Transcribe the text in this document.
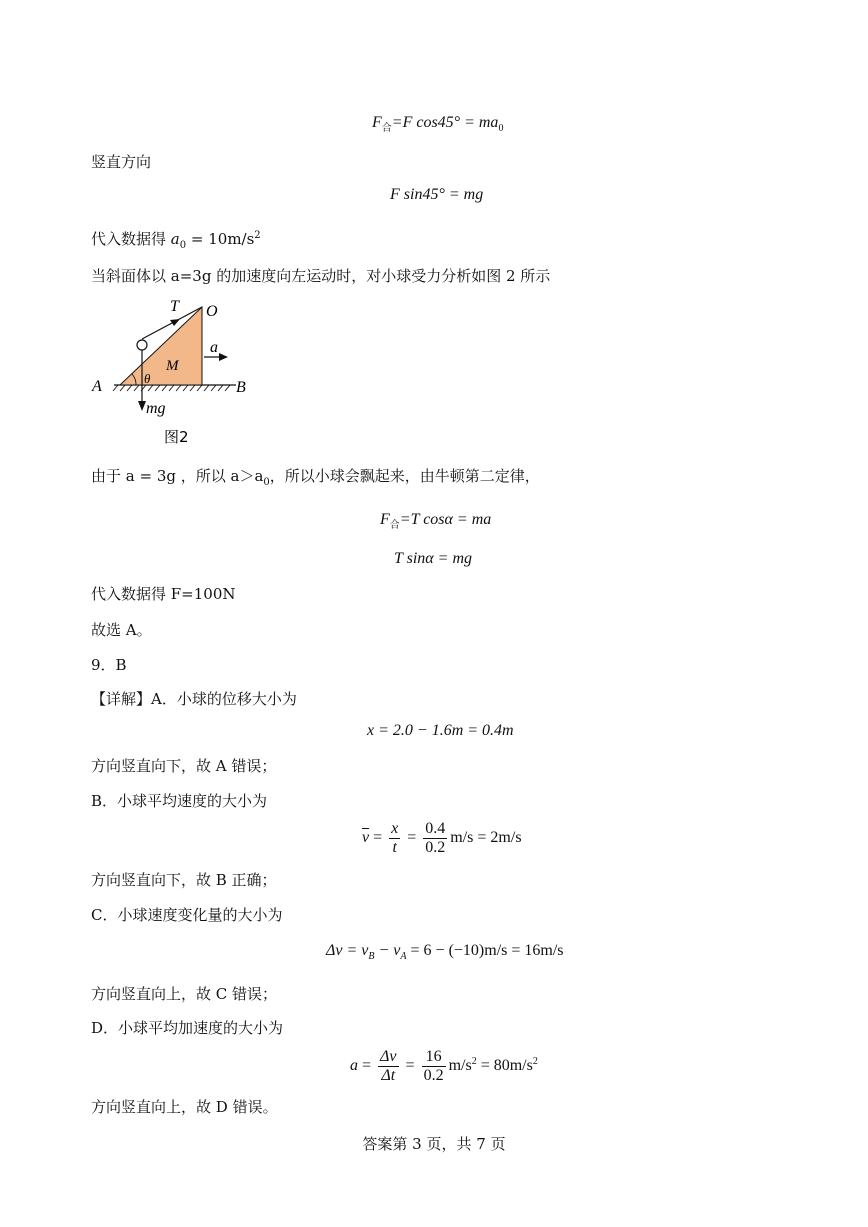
$F_合=F$ $\cos 45^\circ = ma_0$
竖直方向
F sin45° = mg
代入数据得 $a_0 = 10m/s^2$
当斜面体以 a=3g 的加速度向左运动时，对小球受力分析如图 2 所示
T O
a
M
A	B
θ
mg
图2
由于 a = 3g ，所以 $a>a_0$，所以小球会飘起来，由牛顿第二定律，
$F_合=T$ cosα = ma
T sinα = mg
代入数据得 F=100N
故选 A。
9．B
【详解】A．小球的位移大小为
x = 2.0 − 1.6m = 0.4m
方向竖直向下，故 A 错误；
B．小球平均速度的大小为
$\overline{v} = \frac{x}{t} = \frac{0.4}{0.2} m/s = 2m/s$
方向竖直向下，故 B 正确；
C．小球速度变化量的大小为
$\Delta v = v_B - v_A = 6 - (-10)m/s = 16m/s$
方向竖直向上，故 C 错误；
D．小球平均加速度的大小为
$a = \frac{\Delta v}{\Delta t} = \frac{16}{0.2} m/s^2 = 80m/s^2$
方向竖直向上，故 D 错误。
答案第 3 页，共 7 页
